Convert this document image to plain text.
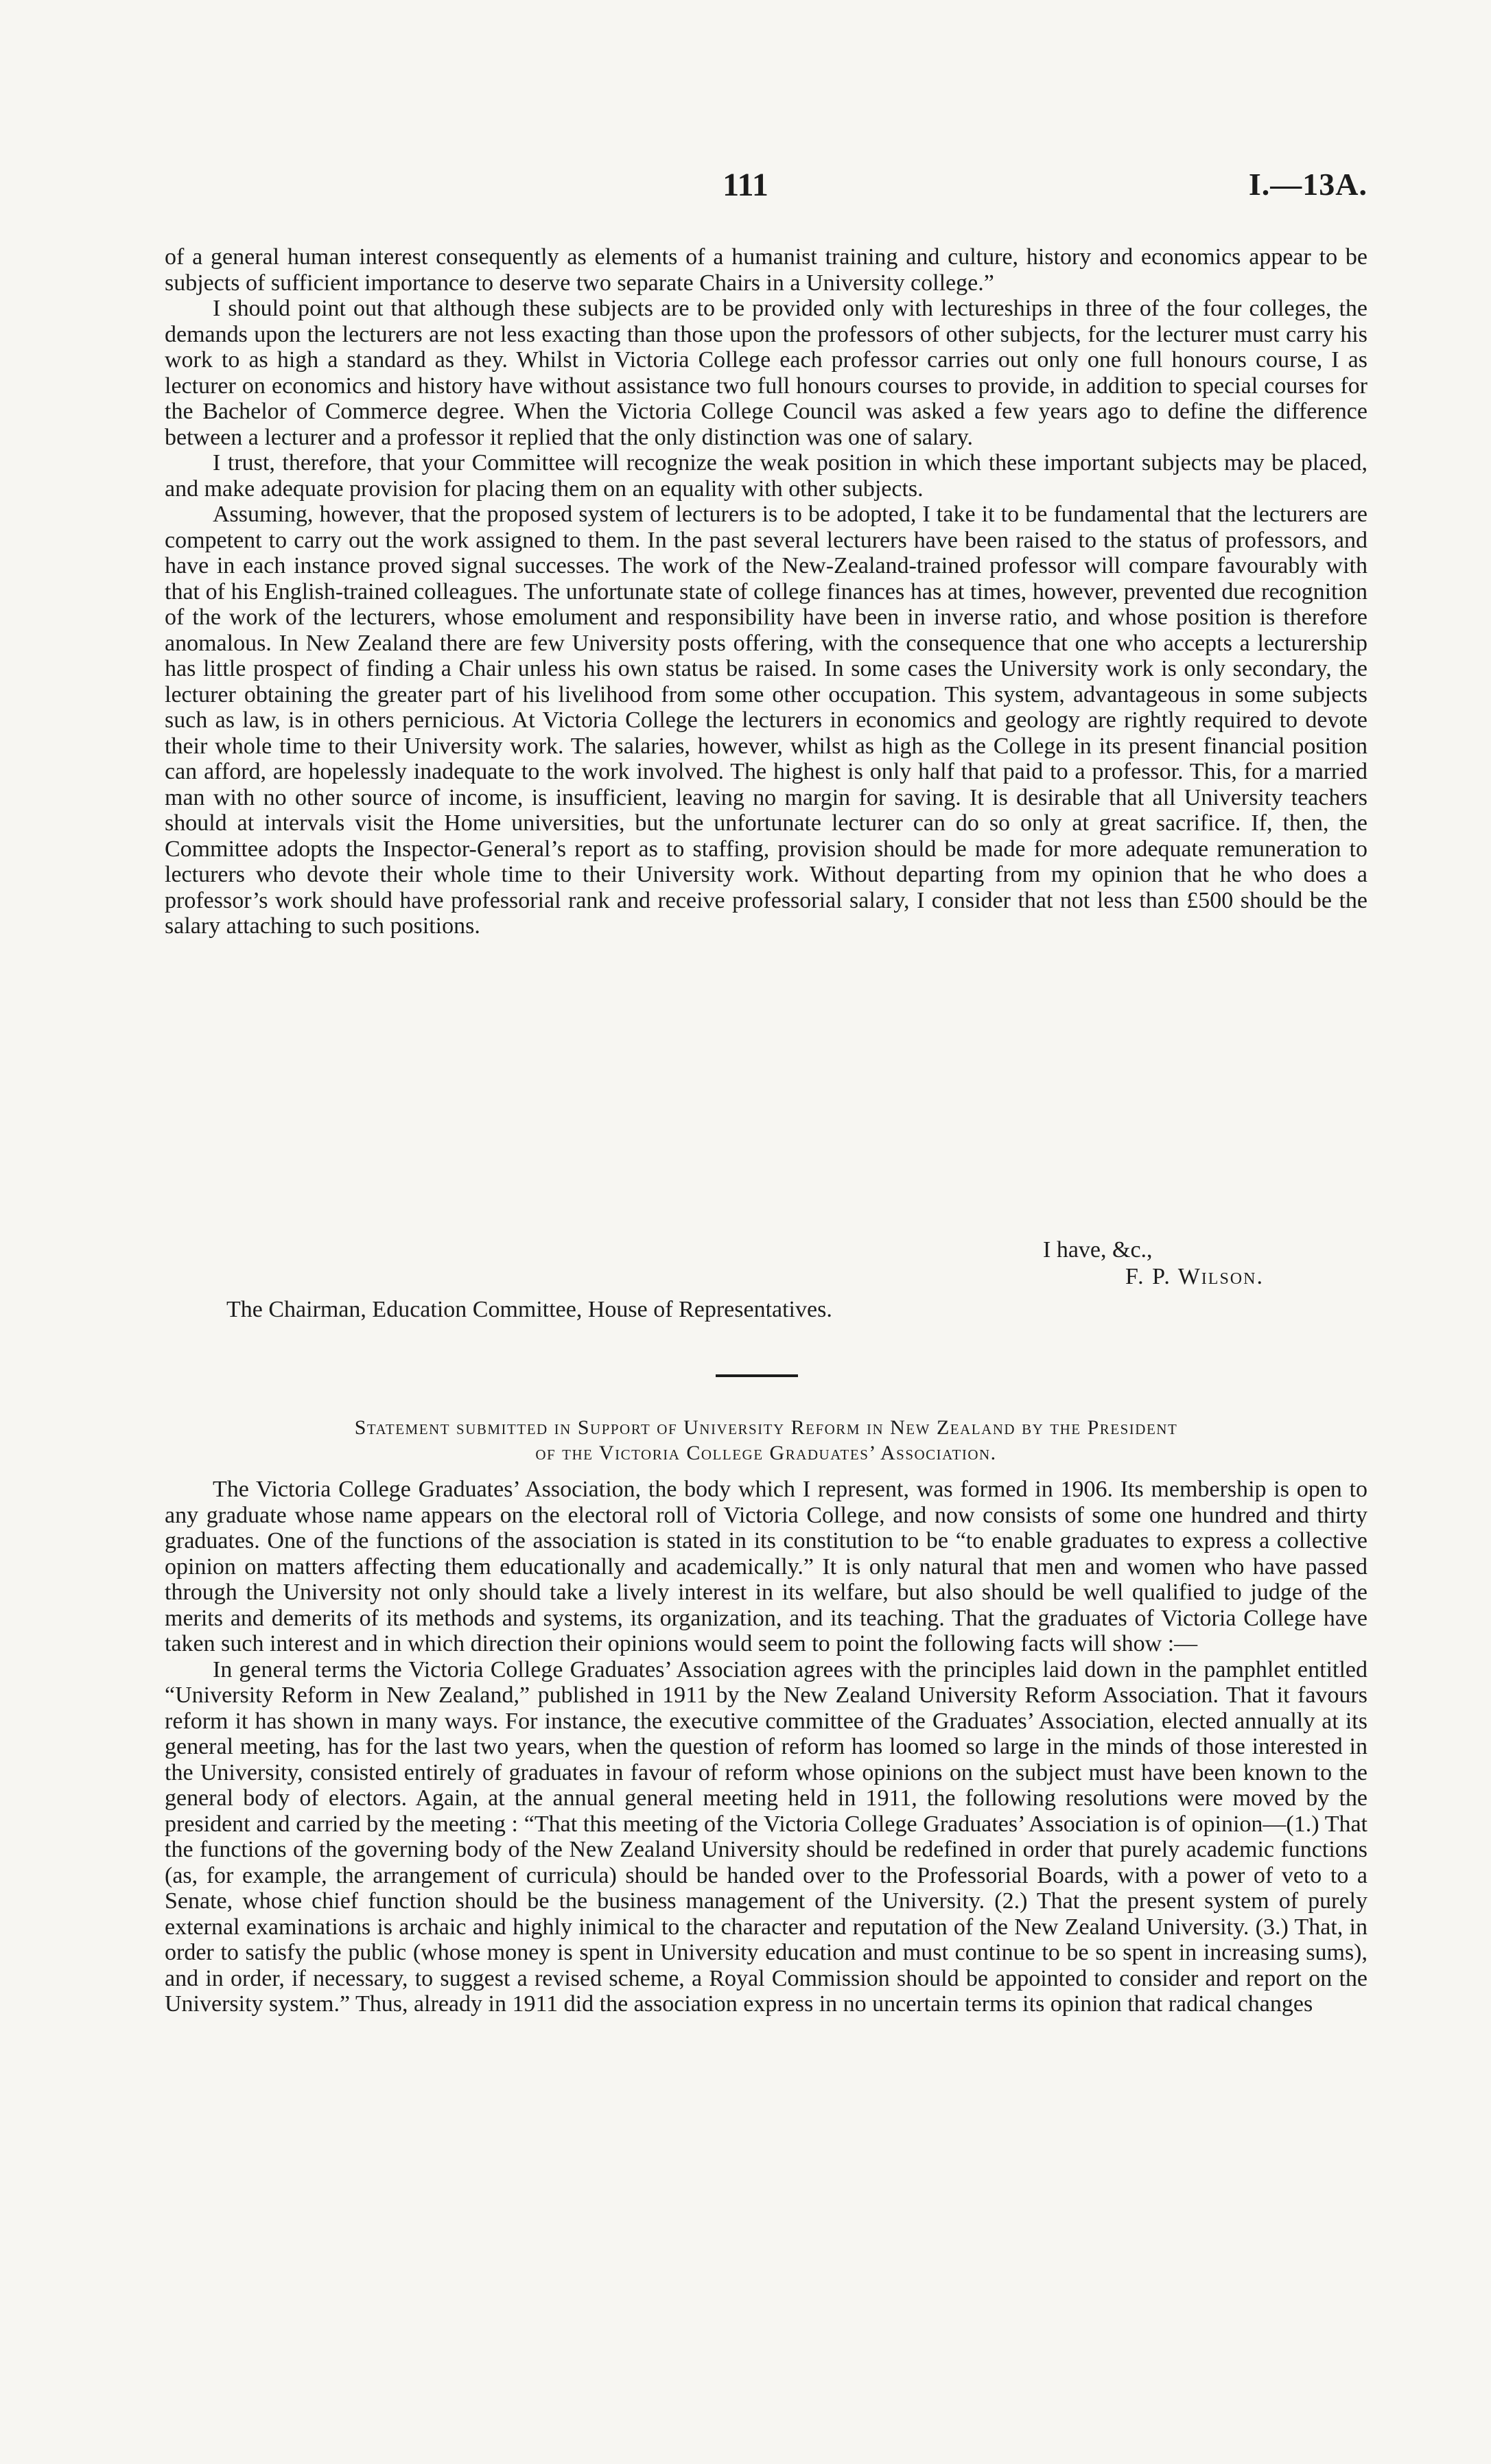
111	I.—13A.

of a general human interest consequently as elements of a humanist training and culture, history and economics appear to be subjects of sufficient importance to deserve two separate Chairs in a University college.”

I should point out that although these subjects are to be provided only with lectureships in three of the four colleges, the demands upon the lecturers are not less exacting than those upon the professors of other subjects, for the lecturer must carry his work to as high a standard as they. Whilst in Victoria College each professor carries out only one full honours course, I as lecturer on economics and history have without assistance two full honours courses to provide, in addition to special courses for the Bachelor of Commerce degree. When the Victoria College Council was asked a few years ago to define the difference between a lecturer and a professor it replied that the only distinction was one of salary.

I trust, therefore, that your Committee will recognize the weak position in which these important subjects may be placed, and make adequate provision for placing them on an equality with other subjects.

Assuming, however, that the proposed system of lecturers is to be adopted, I take it to be fundamental that the lecturers are competent to carry out the work assigned to them. In the past several lecturers have been raised to the status of professors, and have in each instance proved signal successes. The work of the New-Zealand-trained professor will compare favourably with that of his English-trained colleagues. The unfortunate state of college finances has at times, however, prevented due recognition of the work of the lecturers, whose emolument and responsibility have been in inverse ratio, and whose position is therefore anomalous. In New Zealand there are few University posts offering, with the consequence that one who accepts a lecturership has little prospect of finding a Chair unless his own status be raised. In some cases the University work is only secondary, the lecturer obtaining the greater part of his livelihood from some other occupation. This system, advantageous in some subjects such as law, is in others pernicious. At Victoria College the lecturers in economics and geology are rightly required to devote their whole time to their University work. The salaries, however, whilst as high as the College in its present financial position can afford, are hopelessly inadequate to the work involved. The highest is only half that paid to a professor. This, for a married man with no other source of income, is insufficient, leaving no margin for saving. It is desirable that all University teachers should at intervals visit the Home universities, but the unfortunate lecturer can do so only at great sacrifice. If, then, the Committee adopts the Inspector-General’s report as to staffing, provision should be made for more adequate remuneration to lecturers who devote their whole time to their University work. Without departing from my opinion that he who does a professor’s work should have professorial rank and receive professorial salary, I consider that not less than £500 should be the salary attaching to such positions.

I have, &c.,
F. P. Wilson.
The Chairman, Education Committee, House of Representatives.
Statement submitted in Support of University Reform in New Zealand by the President
of the Victoria College Graduates’ Association.

The Victoria College Graduates’ Association, the body which I represent, was formed in 1906. Its membership is open to any graduate whose name appears on the electoral roll of Victoria College, and now consists of some one hundred and thirty graduates. One of the functions of the association is stated in its constitution to be “to enable graduates to express a collective opinion on matters affecting them educationally and academically.” It is only natural that men and women who have passed through the University not only should take a lively interest in its welfare, but also should be well qualified to judge of the merits and demerits of its methods and systems, its organization, and its teaching. That the graduates of Victoria College have taken such interest and in which direction their opinions would seem to point the following facts will show :—

In general terms the Victoria College Graduates’ Association agrees with the principles laid down in the pamphlet entitled “University Reform in New Zealand,” published in 1911 by the New Zealand University Reform Association. That it favours reform it has shown in many ways. For instance, the executive committee of the Graduates’ Association, elected annually at its general meeting, has for the last two years, when the question of reform has loomed so large in the minds of those interested in the University, consisted entirely of graduates in favour of reform whose opinions on the subject must have been known to the general body of electors. Again, at the annual general meeting held in 1911, the following resolutions were moved by the president and carried by the meeting : “That this meeting of the Victoria College Graduates’ Association is of opinion—(1.) That the functions of the governing body of the New Zealand University should be redefined in order that purely academic functions (as, for example, the arrangement of curricula) should be handed over to the Professorial Boards, with a power of veto to a Senate, whose chief function should be the business management of the University. (2.) That the present system of purely external examinations is archaic and highly inimical to the character and reputation of the New Zealand University. (3.) That, in order to satisfy the public (whose money is spent in University education and must continue to be so spent in increasing sums), and in order, if necessary, to suggest a revised scheme, a Royal Commission should be appointed to consider and report on the University system.” Thus, already in 1911 did the association express in no uncertain terms its opinion that radical changes
